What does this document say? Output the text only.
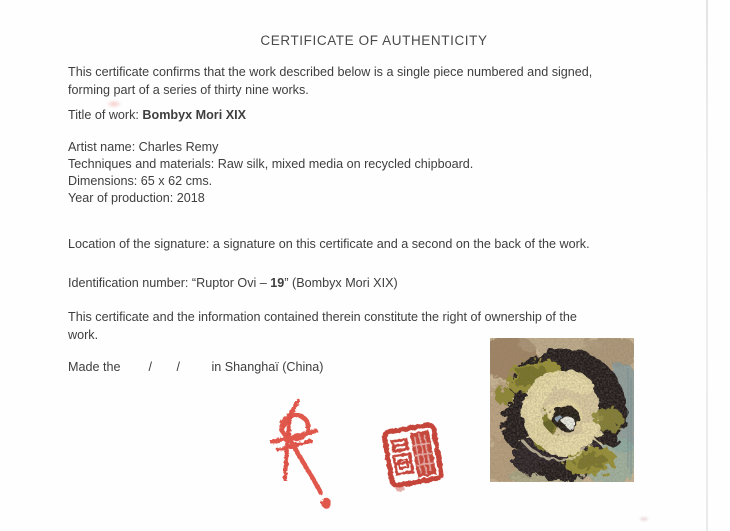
CERTIFICATE OF AUTHENTICITY
This certificate confirms that the work described below is a single piece numbered and signed,
forming part of a series of thirty nine works.
Title of work: Bombyx Mori XIX
Artist name: Charles Remy
Techniques and materials: Raw silk, mixed media on recycled chipboard.
Dimensions: 65 x 62 cms.
Year of production: 2018
Location of the signature: a signature on this certificate and a second on the back of the work.
Identification number: “Ruptor Ovi – 19” (Bombyx Mori XIX)
This certificate and the information contained therein constitute the right of ownership of the
work.
Made the        /       /         in Shanghaï (China)
